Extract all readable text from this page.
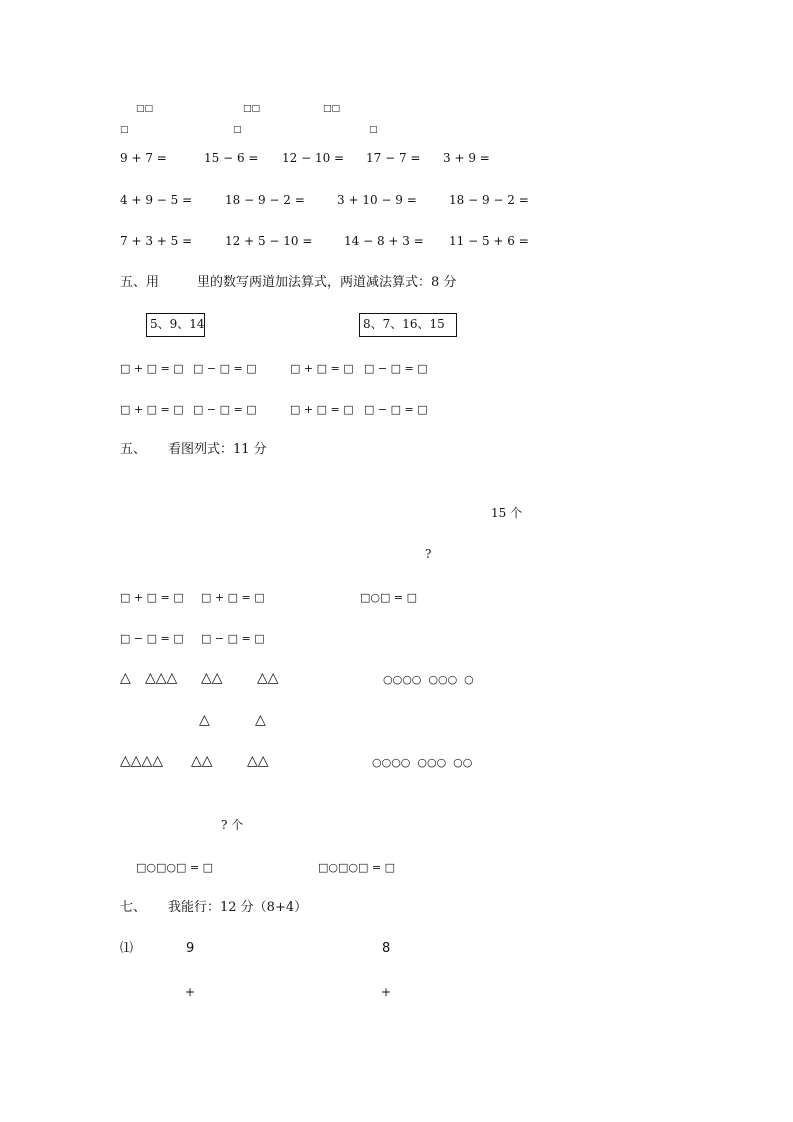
□□	□□	□□
□	□	□
9 + 7 =	15 − 6 = 12 − 10 = 17 − 7 = 3 + 9 =
4 + 9 − 5 =	18 − 9 − 2 =	3 + 10 − 9 =	18 − 9 − 2 =
7 + 3 + 5 =	12 + 5 − 10 =	14 − 8 + 3 = 11 − 5 + 6 =
五、用	里的数写两道加法算式，两道减法算式：8 分
5、9、14	8、7、16、15
□ + □ = □ □ − □ = □	□ + □ = □ □ − □ = □
□ + □ = □ □ − □ = □	□ + □ = □ □ − □ = □
五、 看图列式：11 分
15 个
?
□ + □ = □ □ + □ = □	□○□ = □
□ − □ = □ □ − □ = □
△ △△△ △△ △△	○○○○  ○○○  ○
△	△
△△△△ △△ △△	○○○○  ○○○  ○○
? 个
□○□○□ = □	□○□○□ = □
七、 我能行：12 分（8+4）
⑴	9	8
+	+
